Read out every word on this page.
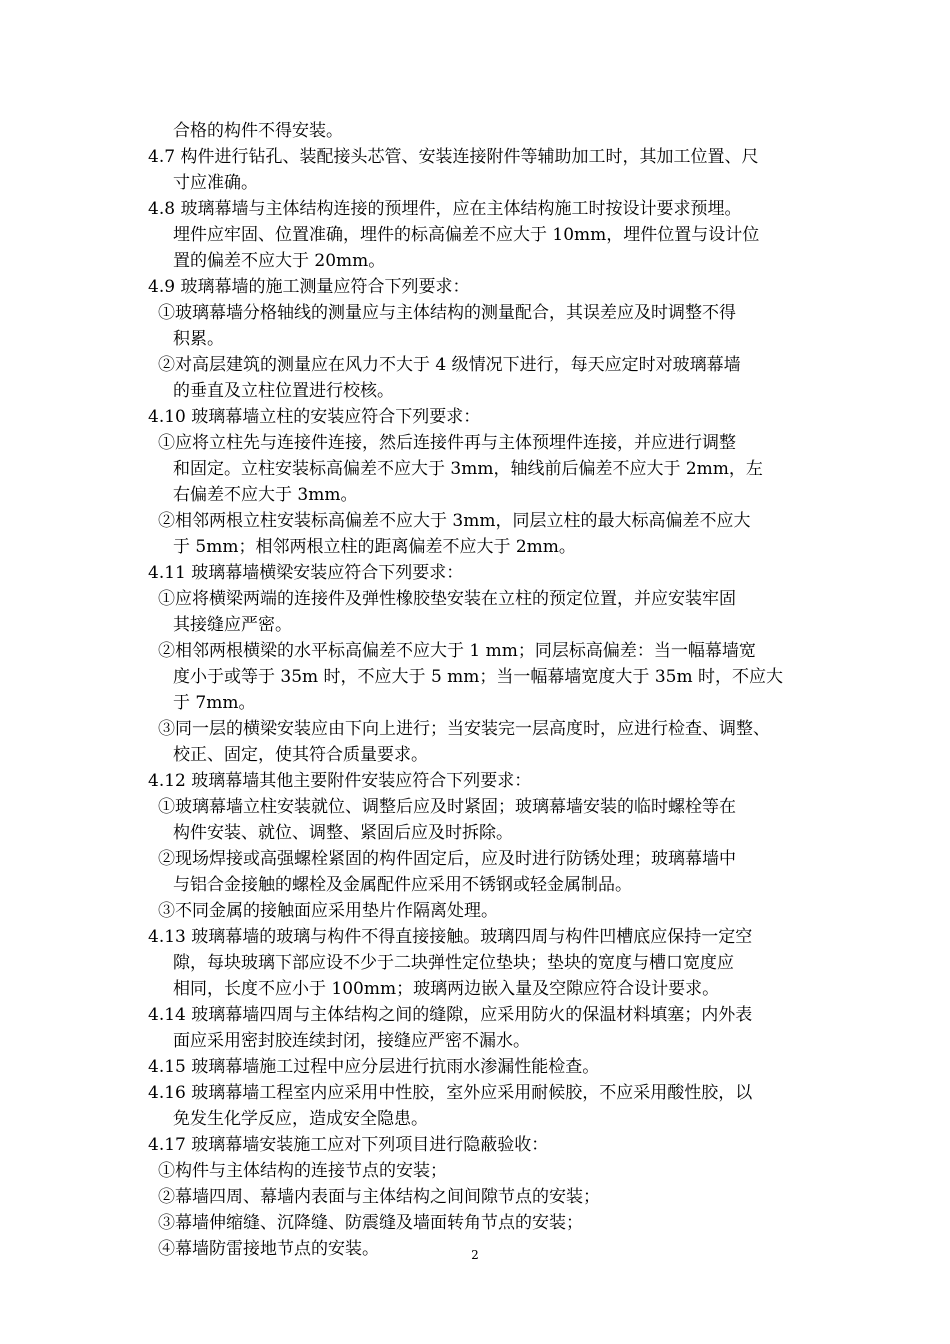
合格的构件不得安装。
4.7 构件进行钻孔、装配接头芯管、安装连接附件等辅助加工时，其加工位置、尺
寸应准确。
4.8 玻璃幕墙与主体结构连接的预埋件，应在主体结构施工时按设计要求预埋。
埋件应牢固、位置准确，埋件的标高偏差不应大于 10mm，埋件位置与设计位
置的偏差不应大于 20mm。
4.9 玻璃幕墙的施工测量应符合下列要求：
①玻璃幕墙分格轴线的测量应与主体结构的测量配合，其误差应及时调整不得
积累。
②对高层建筑的测量应在风力不大于 4 级情况下进行，每天应定时对玻璃幕墙
的垂直及立柱位置进行校核。
4.10 玻璃幕墙立柱的安装应符合下列要求：
①应将立柱先与连接件连接，然后连接件再与主体预埋件连接，并应进行调整
和固定。立柱安装标高偏差不应大于 3mm，轴线前后偏差不应大于 2mm，左
右偏差不应大于 3mm。
②相邻两根立柱安装标高偏差不应大于 3mm，同层立柱的最大标高偏差不应大
于 5mm；相邻两根立柱的距离偏差不应大于 2mm。
4.11 玻璃幕墙横梁安装应符合下列要求：
①应将横梁两端的连接件及弹性橡胶垫安装在立柱的预定位置，并应安装牢固
其接缝应严密。
②相邻两根横梁的水平标高偏差不应大于 1 mm；同层标高偏差：当一幅幕墙宽
度小于或等于 35m 时，不应大于 5 mm；当一幅幕墙宽度大于 35m 时，不应大
于 7mm。
③同一层的横梁安装应由下向上进行；当安装完一层高度时，应进行检查、调整、
校正、固定，使其符合质量要求。
4.12 玻璃幕墙其他主要附件安装应符合下列要求：
①玻璃幕墙立柱安装就位、调整后应及时紧固；玻璃幕墙安装的临时螺栓等在
构件安装、就位、调整、紧固后应及时拆除。
②现场焊接或高强螺栓紧固的构件固定后，应及时进行防锈处理；玻璃幕墙中
与铝合金接触的螺栓及金属配件应采用不锈钢或轻金属制品。
③不同金属的接触面应采用垫片作隔离处理。
4.13 玻璃幕墙的玻璃与构件不得直接接触。玻璃四周与构件凹槽底应保持一定空
隙，每块玻璃下部应设不少于二块弹性定位垫块；垫块的宽度与槽口宽度应
相同，长度不应小于 100mm；玻璃两边嵌入量及空隙应符合设计要求。
4.14 玻璃幕墙四周与主体结构之间的缝隙，应采用防火的保温材料填塞；内外表
面应采用密封胶连续封闭，接缝应严密不漏水。
4.15 玻璃幕墙施工过程中应分层进行抗雨水渗漏性能检查。
4.16 玻璃幕墙工程室内应采用中性胶，室外应采用耐候胶，不应采用酸性胶，以
免发生化学反应，造成安全隐患。
4.17 玻璃幕墙安装施工应对下列项目进行隐蔽验收：
①构件与主体结构的连接节点的安装；
②幕墙四周、幕墙内表面与主体结构之间间隙节点的安装；
③幕墙伸缩缝、沉降缝、防震缝及墙面转角节点的安装；
④幕墙防雷接地节点的安装。	2
